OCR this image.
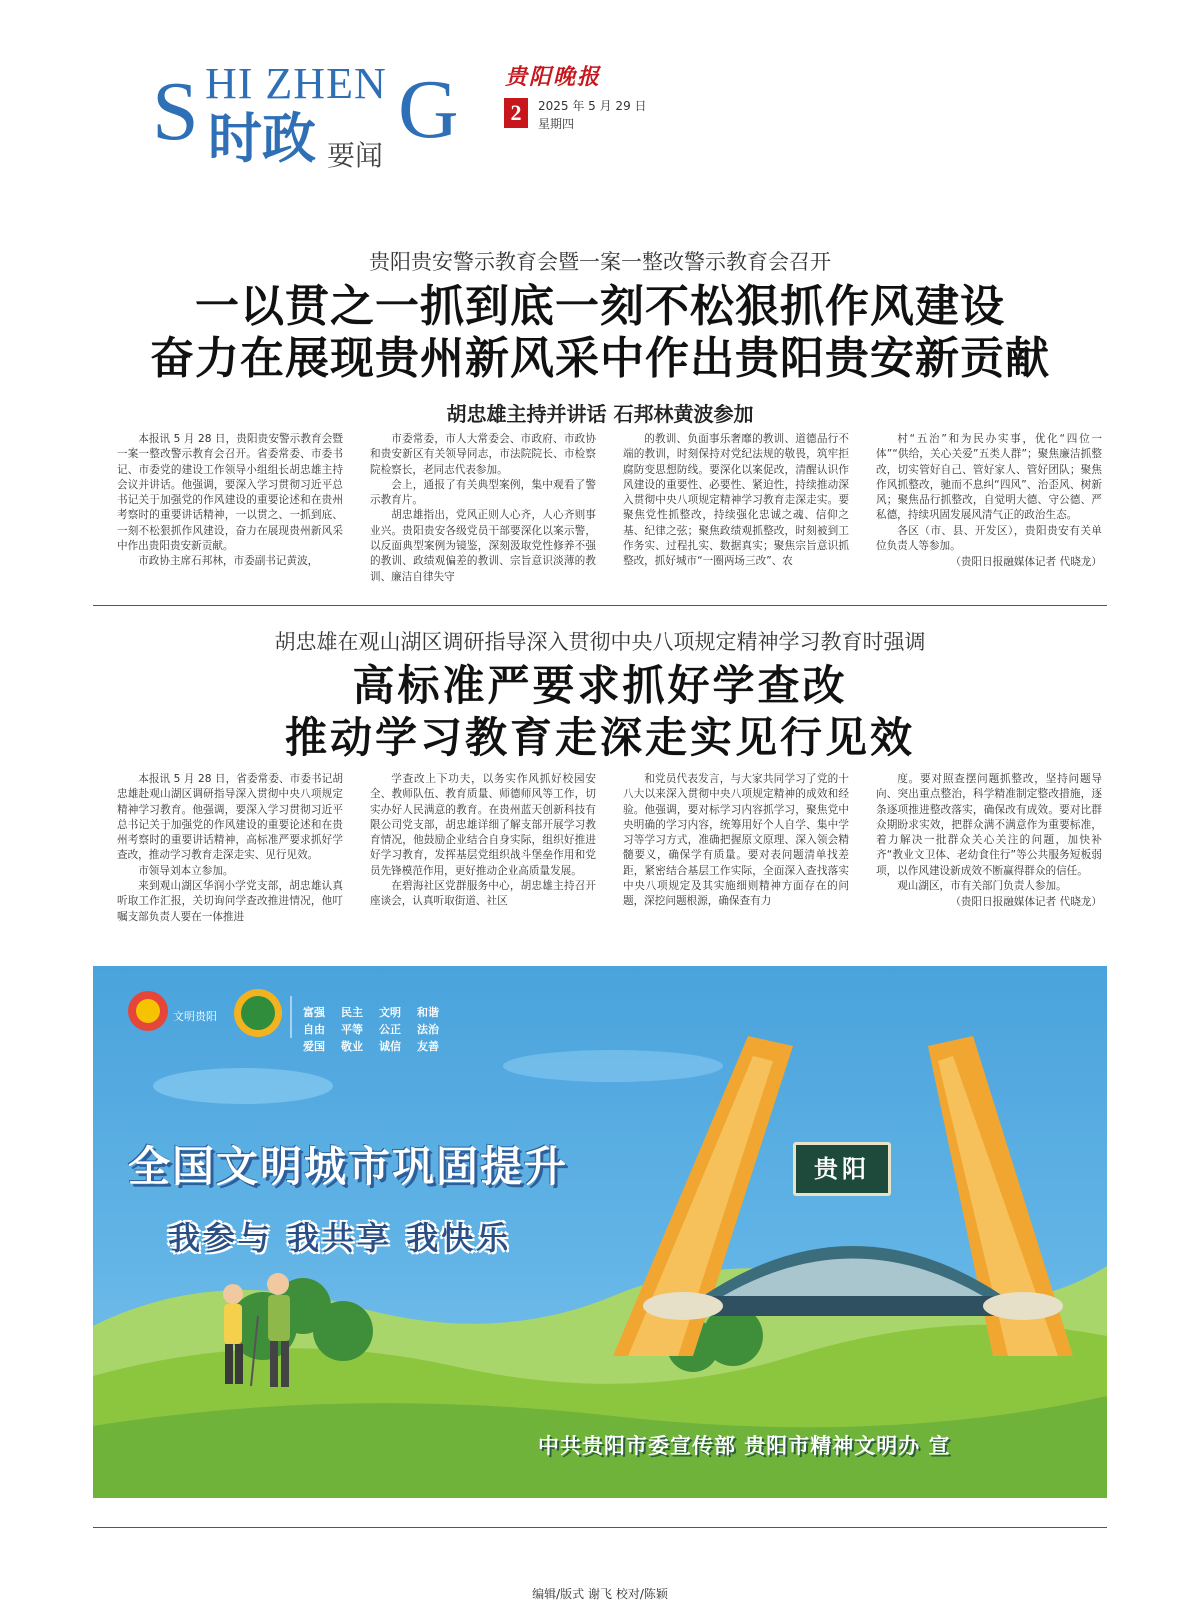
S HI ZHEN G
时政 要闻
贵阳晚报
2	2025 年 5 月 29 日
星期四
贵阳贵安警示教育会暨一案一整改警示教育会召开
一以贯之一抓到底一刻不松狠抓作风建设
奋力在展现贵州新风采中作出贵阳贵安新贡献
胡忠雄主持并讲话 石邦林黄波参加

本报讯 5 月 28 日，贵阳贵安警示教育会暨一案一整改警示教育会召开。省委常委、市委书记、市委党的建设工作领导小组组长胡忠雄主持会议并讲话。他强调，要深入学习贯彻习近平总书记关于加强党的作风建设的重要论述和在贵州考察时的重要讲话精神，一以贯之、一抓到底、一刻不松狠抓作风建设，奋力在展现贵州新风采中作出贵阳贵安新贡献。

市政协主席石邦林，市委副书记黄波，

市委常委，市人大常委会、市政府、市政协和贵安新区有关领导同志，市法院院长、市检察院检察长，老同志代表参加。

会上，通报了有关典型案例，集中观看了警示教育片。

胡忠雄指出，党风正则人心齐，人心齐则事业兴。贵阳贵安各级党员干部要深化以案示警，以反面典型案例为镜鉴，深刻汲取党性修养不强的教训、政绩观偏差的教训、宗旨意识淡薄的教训、廉洁自律失守

的教训、负面事乐奢靡的教训、道德品行不端的教训，时刻保持对党纪法规的敬畏，筑牢拒腐防变思想防线。要深化以案促改，清醒认识作风建设的重要性、必要性、紧迫性，持续推动深入贯彻中央八项规定精神学习教育走深走实。要聚焦党性抓整改，持续强化忠诚之魂、信仰之基、纪律之弦；聚焦政绩观抓整改，时刻被到工作务实、过程扎实、数据真实；聚焦宗旨意识抓整改，抓好城市“一圈两场三改”、农

村“五治”和为民办实事，优化“四位一体”“供给，关心关爱”五类人群”；聚焦廉洁抓整改，切实管好自己、管好家人、管好团队；聚焦作风抓整改，驰而不息纠“四风”、治歪风、树新风；聚焦品行抓整改，自觉明大德、守公德、严私德，持续巩固发展风清气正的政治生态。

各区（市、县、开发区），贵阳贵安有关单位负责人等参加。

（贵阳日报融媒体记者 代晓龙）
胡忠雄在观山湖区调研指导深入贯彻中央八项规定精神学习教育时强调
高标准严要求抓好学查改
推动学习教育走深走实见行见效

本报讯 5 月 28 日，省委常委、市委书记胡忠雄赴观山湖区调研指导深入贯彻中央八项规定精神学习教育。他强调，要深入学习贯彻习近平总书记关于加强党的作风建设的重要论述和在贵州考察时的重要讲话精神，高标准严要求抓好学查改，推动学习教育走深走实、见行见效。

市领导刘本立参加。

来到观山湖区华润小学党支部，胡忠雄认真听取工作汇报，关切询问学查改推进情况，他叮嘱支部负责人要在一体推进

学查改上下功夫，以务实作风抓好校园安全、教师队伍、教育质量、师德师风等工作，切实办好人民满意的教育。在贵州蓝天创新科技有限公司党支部，胡忠雄详细了解支部开展学习教育情况，他鼓励企业结合自身实际，组织好推进好学习教育，发挥基层党组织战斗堡垒作用和党员先锋模范作用，更好推动企业高质量发展。

在碧海社区党群服务中心，胡忠雄主持召开座谈会，认真听取街道、社区

和党员代表发言，与大家共同学习了党的十八大以来深入贯彻中央八项规定精神的成效和经验。他强调，要对标学习内容抓学习，聚焦党中央明确的学习内容，统筹用好个人自学、集中学习等学习方式，准确把握原文原理、深入领会精髓要义，确保学有质量。要对表问题清单找差距，紧密结合基层工作实际，全面深入查找落实中央八项规定及其实施细则精神方面存在的问题，深挖问题根源，确保查有力

度。要对照查摆问题抓整改，坚持问题导向、突出重点整治，科学精准制定整改措施，逐条逐项推进整改落实，确保改有成效。要对比群众期盼求实效，把群众满不满意作为重要标准，着力解决一批群众关心关注的问题，加快补齐“教业文卫体、老幼食住行”等公共服务短板弱项，以作风建设新成效不断赢得群众的信任。

观山湖区，市有关部门负责人参加。

（贵阳日报融媒体记者 代晓龙）
文明贵阳	富强	民主	文明	和谐
自由	平等	公正	法治
爱国	敬业	诚信	友善
全国文明城市巩固提升
我参与 我共享 我快乐
贵阳
中共贵阳市委宣传部 贵阳市精神文明办 宣
编辑/版式 谢飞 校对/陈颖
